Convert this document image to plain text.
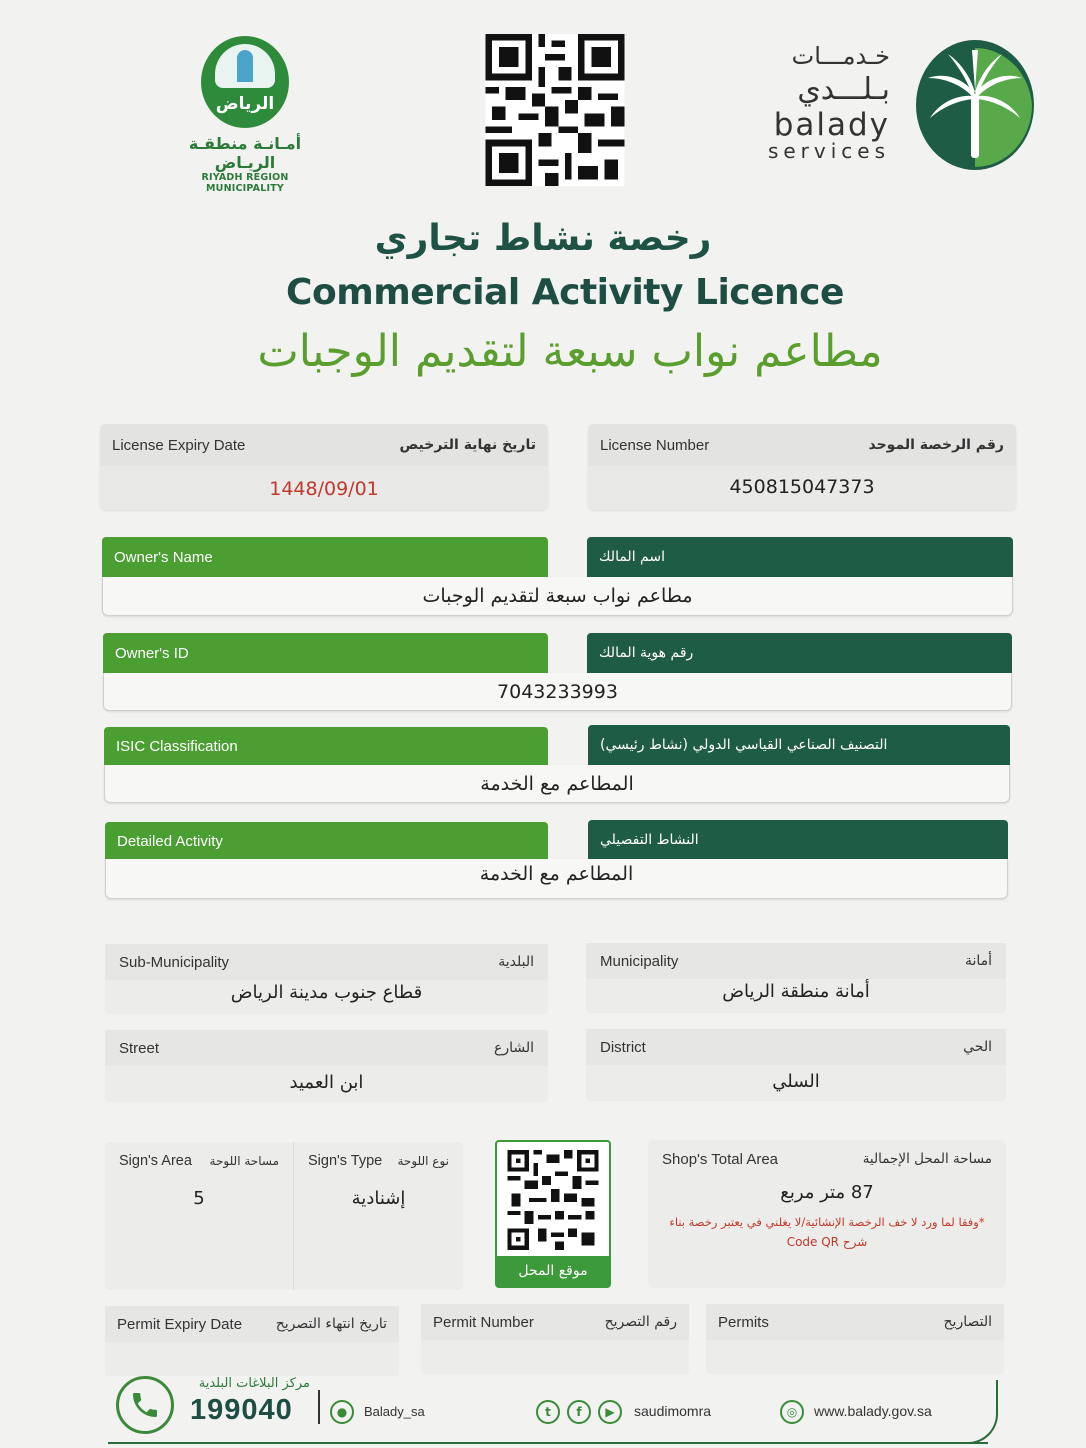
الرياض
أمـانـة منطقـة الريـاض
RIYADH REGION MUNICIPALITY
خـدمـــات
بـلـــدي
balady
services
رخصة نشاط تجاري
Commercial Activity Licence
مطاعم نواب سبعة لتقديم الوجبات
License Expiry Date	تاريخ نهاية الترخيص
1448/09/01
License Number	رقم الرخصة الموحد
450815047373
Owner's Name	اسم المالك
مطاعم نواب سبعة لتقديم الوجبات
Owner's ID	رقم هوية المالك
7043233993
ISIC Classification	التصنيف الصناعي القياسي الدولي (نشاط رئيسي)
المطاعم مع الخدمة
Detailed Activity	النشاط التفصيلي
المطاعم مع الخدمة
Sub-Municipality	البلدية
قطاع جنوب مدينة الرياض
Municipality	أمانة
أمانة منطقة الرياض
Street	الشارع
ابن العميد
District	الحي
السلي
Sign's Area مساحة اللوحة
5
Sign's Type نوع اللوحة
إشنادية
موقع المحل
Shop's Total Area	مساحة المحل الإجمالية
87 متر مربع
*وفقا لما ورد لا خف الرخصة الإنشائية/لا يغلني في يعتبر رخصة بناء
شرح Code QR
Permit Expiry Date تاريخ انتهاء التصريح	Permit Number	رقم التصريح	Permits	التصاريح
مركز البلاغات البلدية
199040	●	Balady_sa	t	f	▶	saudimomra	◎	www.balady.gov.sa
